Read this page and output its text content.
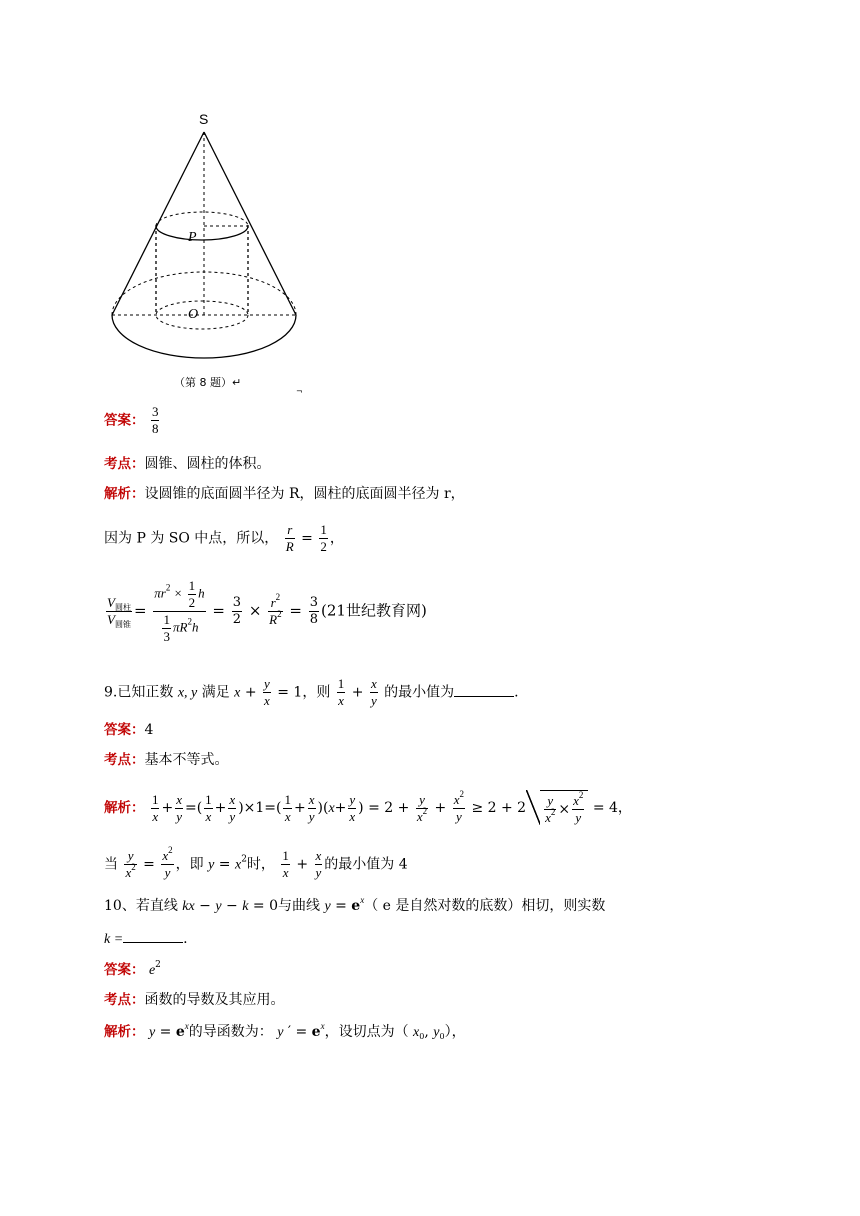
S
P
O
（第 8 题）↵
¬
答案： $\frac{3}{8}$
考点：圆锥、圆柱的体积。
解析：设圆锥的底面圆半径为 R，圆柱的底面圆半径为 r，
因为 P 为 SO 中点，所以， $\frac{r}{R} = \frac{1}{2}$ ，
$\frac{V_{圆柱}}{V_{圆锥}} = \frac{\pi r^2 \times \frac{1}{2} h}{\frac{1}{3} \pi R^2h} = \frac{3}{2} \times \frac{r^2}{R^2} = \frac{3}{8} (21$世纪教育网)
9.已知正数 x, y 满足 $x + \frac{y}{x} = 1$，则 $\frac{1}{x} + \frac{x}{y}$ 的最小值为	.
答案：4
考点：基本不等式。
解析： $\frac{1}{x} + \frac{x}{y}$ =( $\frac{1}{x} + \frac{x}{y} )\times 1=( \frac{1}{x} + \frac{x}{y} )(x+ \frac{y}{x}$ ) = $2 + \frac{y}{x^2} + \frac{x^2}{y} \ge 2 + 2 \frac{y}{x^2} \times \frac{x^2}{y} = 4$，
当 $\frac{y}{x^2} = \frac{x^2}{y}$ ，即 $y = x^2$时， $\frac{1}{x} + \frac{x}{y}$ 的最小值为 4
10、若直线 kx − y − k = 0与曲线 $y = e^x$（ e 是自然对数的底数）相切，则实数
k =	.
答案： $e^2$
考点：函数的导数及其应用。
解析： $y = e^x$的导函数为： y ′ = $e^x$，设切点为（ $x_0$, $y_0$），
